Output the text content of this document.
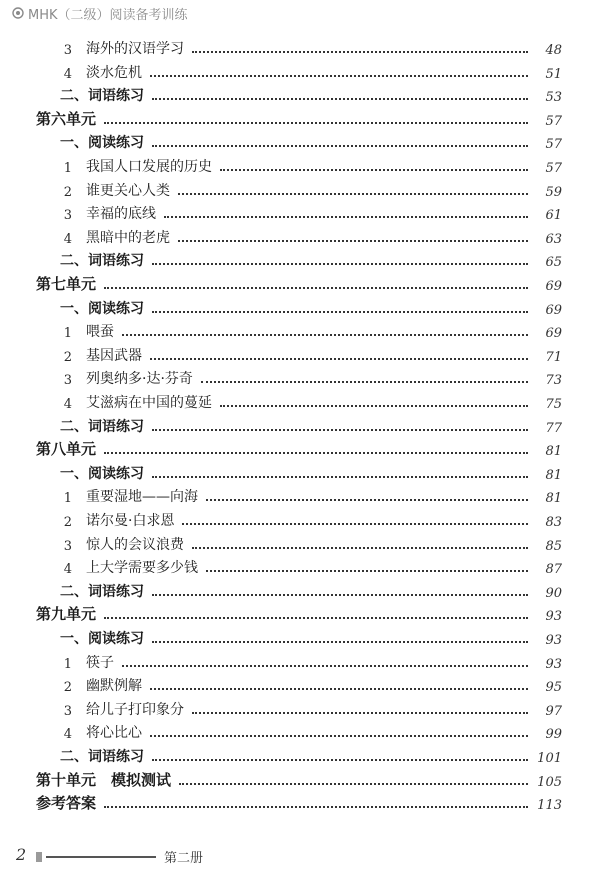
MHK（二级）阅读备考训练
3 海外的汉语学习	48
4 淡水危机	51
二、词语练习	53
第六单元	57
一、阅读练习	57
1 我国人口发展的历史	57
2 谁更关心人类	59
3 幸福的底线	61
4 黑暗中的老虎	63
二、词语练习	65
第七单元	69
一、阅读练习	69
1 喂蚕	69
2 基因武器	71
3 列奥纳多·达·芬奇	73
4 艾滋病在中国的蔓延	75
二、词语练习	77
第八单元	81
一、阅读练习	81
1 重要湿地——向海	81
2 诺尔曼·白求恩	83
3 惊人的会议浪费	85
4 上大学需要多少钱	87
二、词语练习	90
第九单元	93
一、阅读练习	93
1 筷子	93
2 幽默例解	95
3 给儿子打印象分	97
4 将心比心	99
二、词语练习	101
第十单元　模拟测试	105
参考答案	113
2	第二册
